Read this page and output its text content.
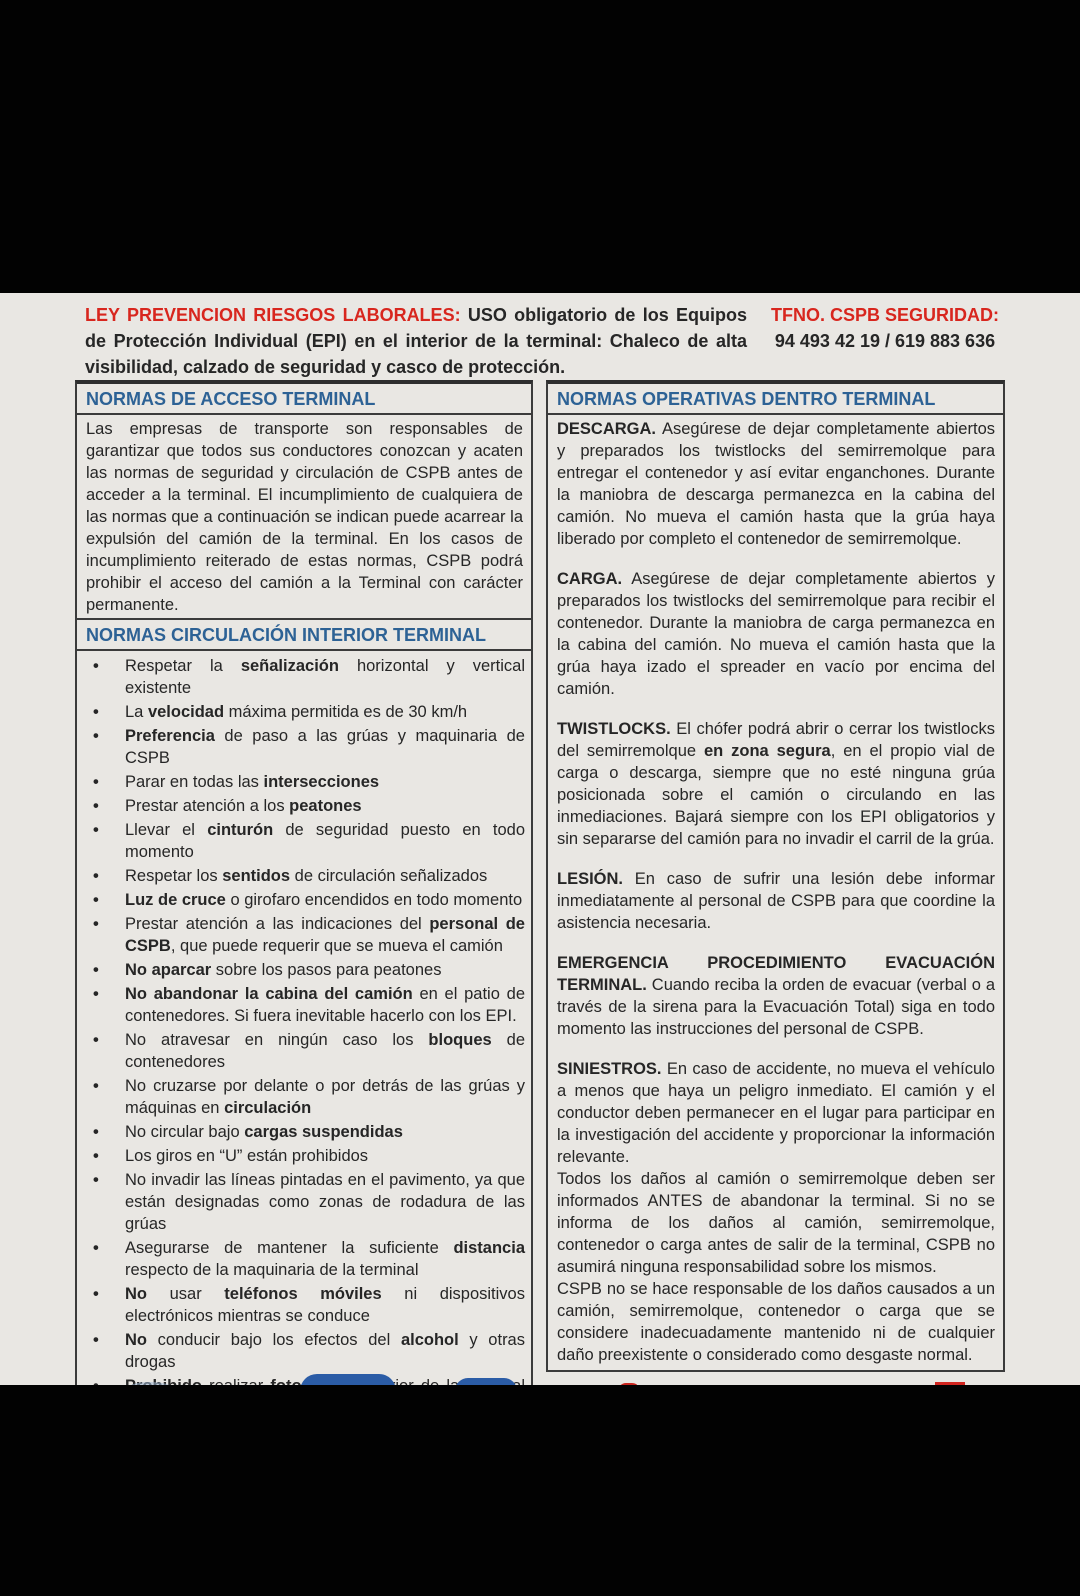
LEY PREVENCION RIESGOS LABORALES: USO obligatorio de los Equipos de Protección Individual (EPI) en el interior de la terminal: Chaleco de alta visibilidad, calzado de seguridad y casco de protección.

TFNO. CSPB SEGURIDAD:
94 493 42 19 / 619 883 636
NORMAS DE ACCESO TERMINAL

Las empresas de transporte son responsables de garantizar que todos sus conductores conozcan y acaten las normas de seguridad y circulación de CSPB antes de acceder a la terminal. El incumplimiento de cualquiera de las normas que a continuación se indican puede acarrear la expulsión del camión de la terminal. En los casos de incumplimiento reiterado de estas normas, CSPB podrá prohibir el acceso del camión a la Terminal con carácter permanente.

NORMAS CIRCULACIÓN INTERIOR TERMINAL
• Respetar la señalización horizontal y vertical existente
• La velocidad máxima permitida es de 30 km/h
• Preferencia de paso a las grúas y maquinaria de CSPB
• Parar en todas las intersecciones
• Prestar atención a los peatones
• Llevar el cinturón de seguridad puesto en todo momento
• Respetar los sentidos de circulación señalizados
• Luz de cruce o girofaro encendidos en todo momento
• Prestar atención a las indicaciones del personal de CSPB, que puede requerir que se mueva el camión
• No aparcar sobre los pasos para peatones
• No abandonar la cabina del camión en el patio de contenedores. Si fuera inevitable hacerlo con los EPI.
• No atravesar en ningún caso los bloques de contenedores
• No cruzarse por delante o por detrás de las grúas y máquinas en circulación
• No circular bajo cargas suspendidas
• Los giros en “U” están prohibidos
• No invadir las líneas pintadas en el pavimento, ya que están designadas como zonas de rodadura de las grúas
• Asegurarse de mantener la suficiente distancia respecto de la maquinaria de la terminal
• No usar teléfonos móviles ni dispositivos electrónicos mientras se conduce
• No conducir bajo los efectos del alcohol y otras drogas
•
•
•
NORMAS OPERATIVAS DENTRO TERMINAL

DESCARGA. Asegúrese de dejar completamente abiertos y preparados los twistlocks del semirremolque para entregar el contenedor y así evitar enganchones. Durante la maniobra de descarga permanezca en la cabina del camión. No mueva el camión hasta que la grúa haya liberado por completo el contenedor de semirremolque.

CARGA. Asegúrese de dejar completamente abiertos y preparados los twistlocks del semirremolque para recibir el contenedor. Durante la maniobra de carga permanezca en la cabina del camión. No mueva el camión hasta que la grúa haya izado el spreader en vacío por encima del camión.

TWISTLOCKS. El chófer podrá abrir o cerrar los twistlocks del semirremolque en zona segura, en el propio vial de carga o descarga, siempre que no esté ninguna grúa posicionada sobre el camión o circulando en las inmediaciones. Bajará siempre con los EPI obligatorios y sin separarse del camión para no invadir el carril de la grúa.

LESIÓN. En caso de sufrir una lesión debe informar inmediatamente al personal de CSPB para que coordine la asistencia necesaria.

EMERGENCIA PROCEDIMIENTO EVACUACIÓN TERMINAL. Cuando reciba la orden de evacuar (verbal o a través de la sirena para la Evacuación Total) siga en todo momento las instrucciones del personal de CSPB.

SINIESTROS. En caso de accidente, no mueva el vehículo a menos que haya un peligro inmediato. El camión y el conductor deben permanecer en el lugar para participar en la investigación del accidente y proporcionar la información relevante.

Todos los daños al camión o semirremolque deben ser informados ANTES de abandonar la terminal. Si no se informa de los daños al camión, semirremolque, contenedor o carga antes de salir de la terminal, CSPB no asumirá ninguna responsabilidad sobre los mismos.

CSPB no se hace responsable de los daños causados a un camión, semirremolque, contenedor o carga que se considere inadecuadamente mantenido ni de cualquier daño preexistente o considerado como desgaste normal.
